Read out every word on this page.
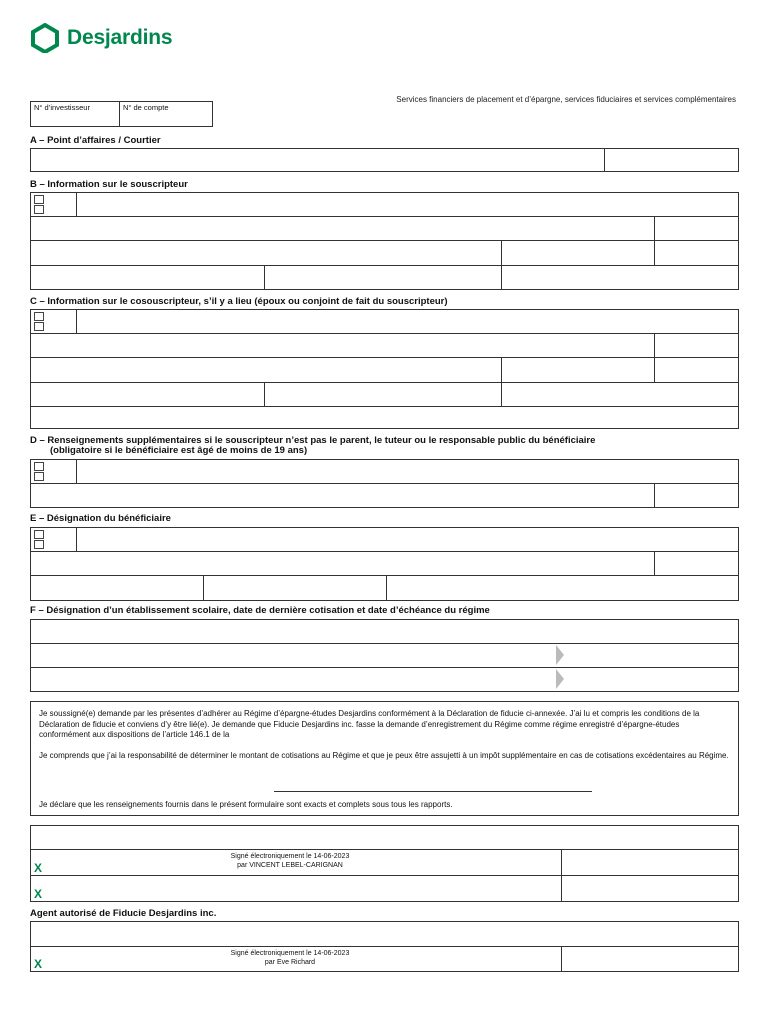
Desjardins
Services financiers de placement et d’épargne, services fiduciaires et services complémentaires
N° d’investisseur	N° de compte
A – Point d’affaires / Courtier
B – Information sur le souscripteur
C – Information sur le cosouscripteur, s’il y a lieu (époux ou conjoint de fait du souscripteur)
D – Renseignements supplémentaires si le souscripteur n’est pas le parent, le tuteur ou le responsable public du bénéficiaire
(obligatoire si le bénéficiaire est âgé de moins de 19 ans)
E – Désignation du bénéficiaire
F – Désignation d’un établissement scolaire, date de dernière cotisation et date d’échéance du régime

Je soussigné(e) demande par les présentes d’adhérer au Régime d’épargne-études Desjardins conformément à la Déclaration de fiducie ci-annexée. J’ai lu et compris les conditions de la Déclaration de fiducie et conviens d’y être lié(e). Je demande que Fiducie Desjardins inc. fasse la demande d’enregistrement du Régime comme régime enregistré d’épargne-études conformément aux dispositions de l’article 146.1 de la

Je comprends que j’ai la responsabilité de déterminer le montant de cotisations au Régime et que je peux être assujetti à un impôt supplémentaire en cas de cotisations excédentaires au Régime.

Je déclare que les renseignements fournis dans le présent formulaire sont exacts et complets sous tous les rapports.
Signé électroniquement le 14-06-2023
par VINCENT LEBEL-CARIGNAN
X
X
Agent autorisé de Fiducie Desjardins inc.
Signé électroniquement le 14-06-2023
par Eve Richard
X
